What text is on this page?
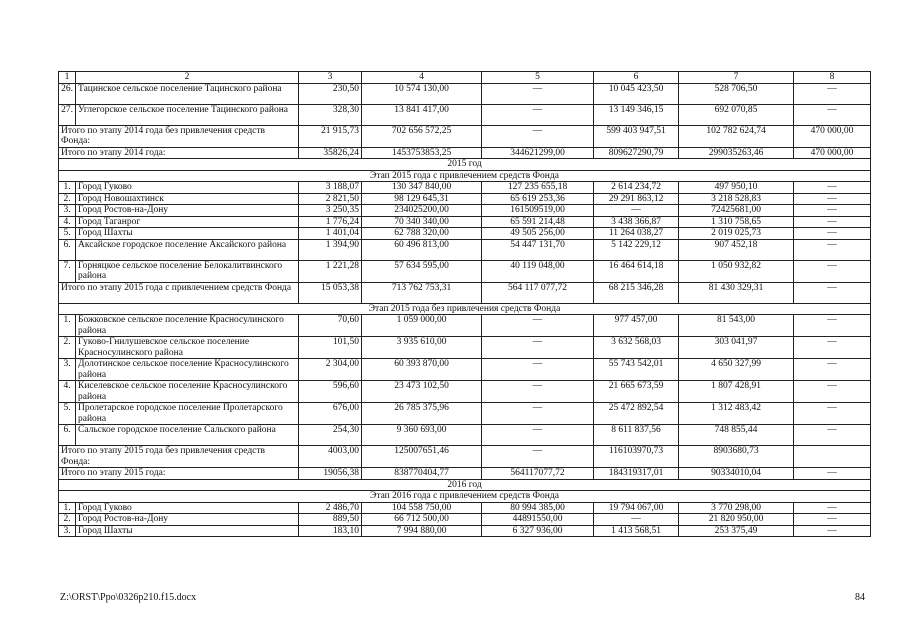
1	2	3	4	5	6	7	8
26.	Тацинское сельское поселение Тацинского района	230,50	10 574 130,00	—	10 045 423,50	528 706,50	—
27.	Углегорское сельское поселение Тацинского района	328,30	13 841 417,00	—	13 149 346,15	692 070,85	—
Итого по этапу 2014 года без привлечения средств Фонда:		21 915,73	702 656 572,25	—	599 403 947,51	102 782 624,74	470 000,00
Итого по этапу 2014 года:		35826,24	1453753853,25	344621299,00	809627290,79	299035263,46	470 000,00
2015 год							
Этап 2015 года с привлечением средств Фонда							
1.	Город Гуково	3 188,07	130 347 840,00	127 235 655,18	2 614 234,72	497 950,10	—
2.	Город Новошахтинск	2 821,50	98 129 645,31	65 619 253,36	29 291 863,12	3 218 528,83	—
3.	Город Ростов-на-Дону	3 250,35	234025200,00	161509519,00	—	72425681,00	—
4.	Город Таганрог	1 776,24	70 340 340,00	65 591 214,48	3 438 366,87	1 310 758,65	—
5.	Город Шахты	1 401,04	62 788 320,00	49 505 256,00	11 264 038,27	2 019 025,73	—
6.	Аксайское городское поселение Аксайского района	1 394,90	60 496 813,00	54 447 131,70	5 142 229,12	907 452,18	—
7.	Горняцкое сельское поселение Белокалитвинского района	1 221,28	57 634 595,00	40 119 048,00	16 464 614,18	1 050 932,82	—
Итого по этапу 2015 года с привлечением средств Фонда		15 053,38	713 762 753,31	564 117 077,72	68 215 346,28	81 430 329,31	—
Этап 2015 года без привлечения средств Фонда							
1.	Божковское сельское поселение Красносулинского района	70,60	1 059 000,00	—	977 457,00	81 543,00	—
2.	Гуково-Гнилушевское сельское поселение Красносулинского района	101,50	3 935 610,00	—	3 632 568,03	303 041,97	—
3.	Долотинское сельское поселение Красносулинского района	2 304,00	60 393 870,00	—	55 743 542,01	4 650 327,99	—
4.	Киселевское сельское поселение Красносулинского района	596,60	23 473 102,50	—	21 665 673,59	1 807 428,91	—
5.	Пролетарское городское поселение Пролетарского района	676,00	26 785 375,96	—	25 472 892,54	1 312 483,42	—
6.	Сальское городское поселение Сальского района	254,30	9 360 693,00	—	8 611 837,56	748 855,44	—
Итого по этапу 2015 года без привлечения средств Фонда:		4003,00	125007651,46	—	116103970,73	8903680,73	
Итого по этапу 2015 года:		19056,38	838770404,77	564117077,72	184319317,01	90334010,04	—
2016 год							
Этап 2016 года с привлечением средств Фонда							
1.	Город Гуково	2 486,70	104 558 750,00	80 994 385,00	19 794 067,00	3 770 298,00	—
2.	Город Ростов-на-Дону	889,50	66 712 500,00	44891550,00	—	21 820 950,00	—
3.	Город Шахты	183,10	7 994 880,00	6 327 936,00	1 413 568,51	253 375,49	—
Z:\ORST\Ppo\0326p210.f15.docx	84
